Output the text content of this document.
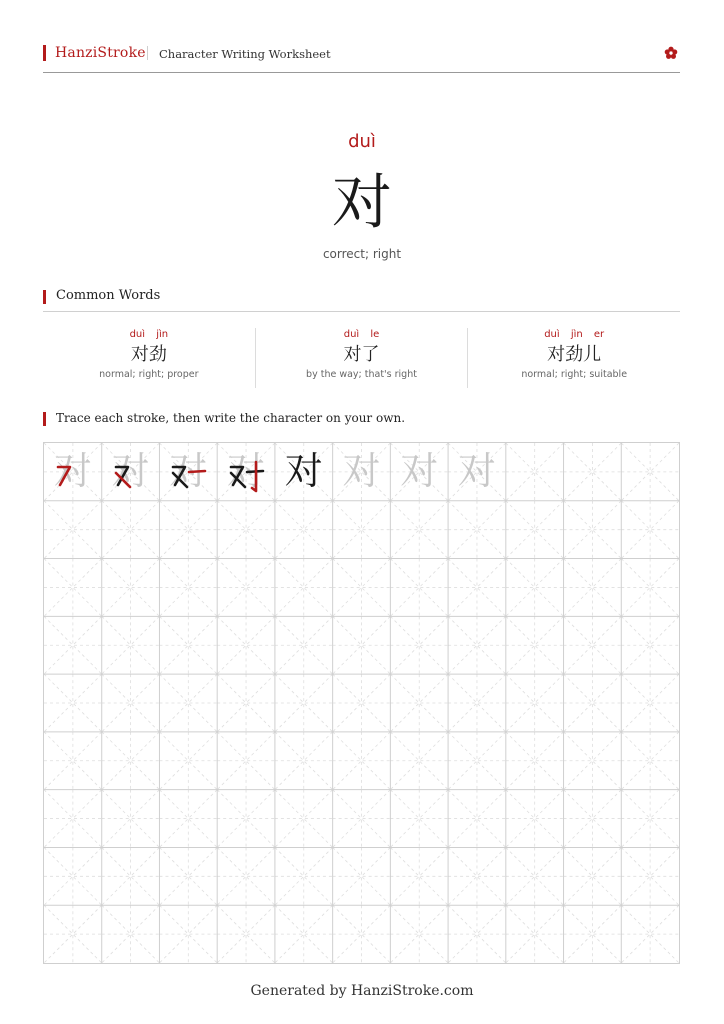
HanziStroke Character Writing Worksheet
duì
对
correct; right
Common Words
duì jìn
对劲
normal; right; proper
duì le
对了
by the way; that's right
duì jìn er
对劲儿
normal; right; suitable
Trace each stroke, then write the character on your own.
对 对 对 对 对 对 对 对
Generated by HanziStroke.com
